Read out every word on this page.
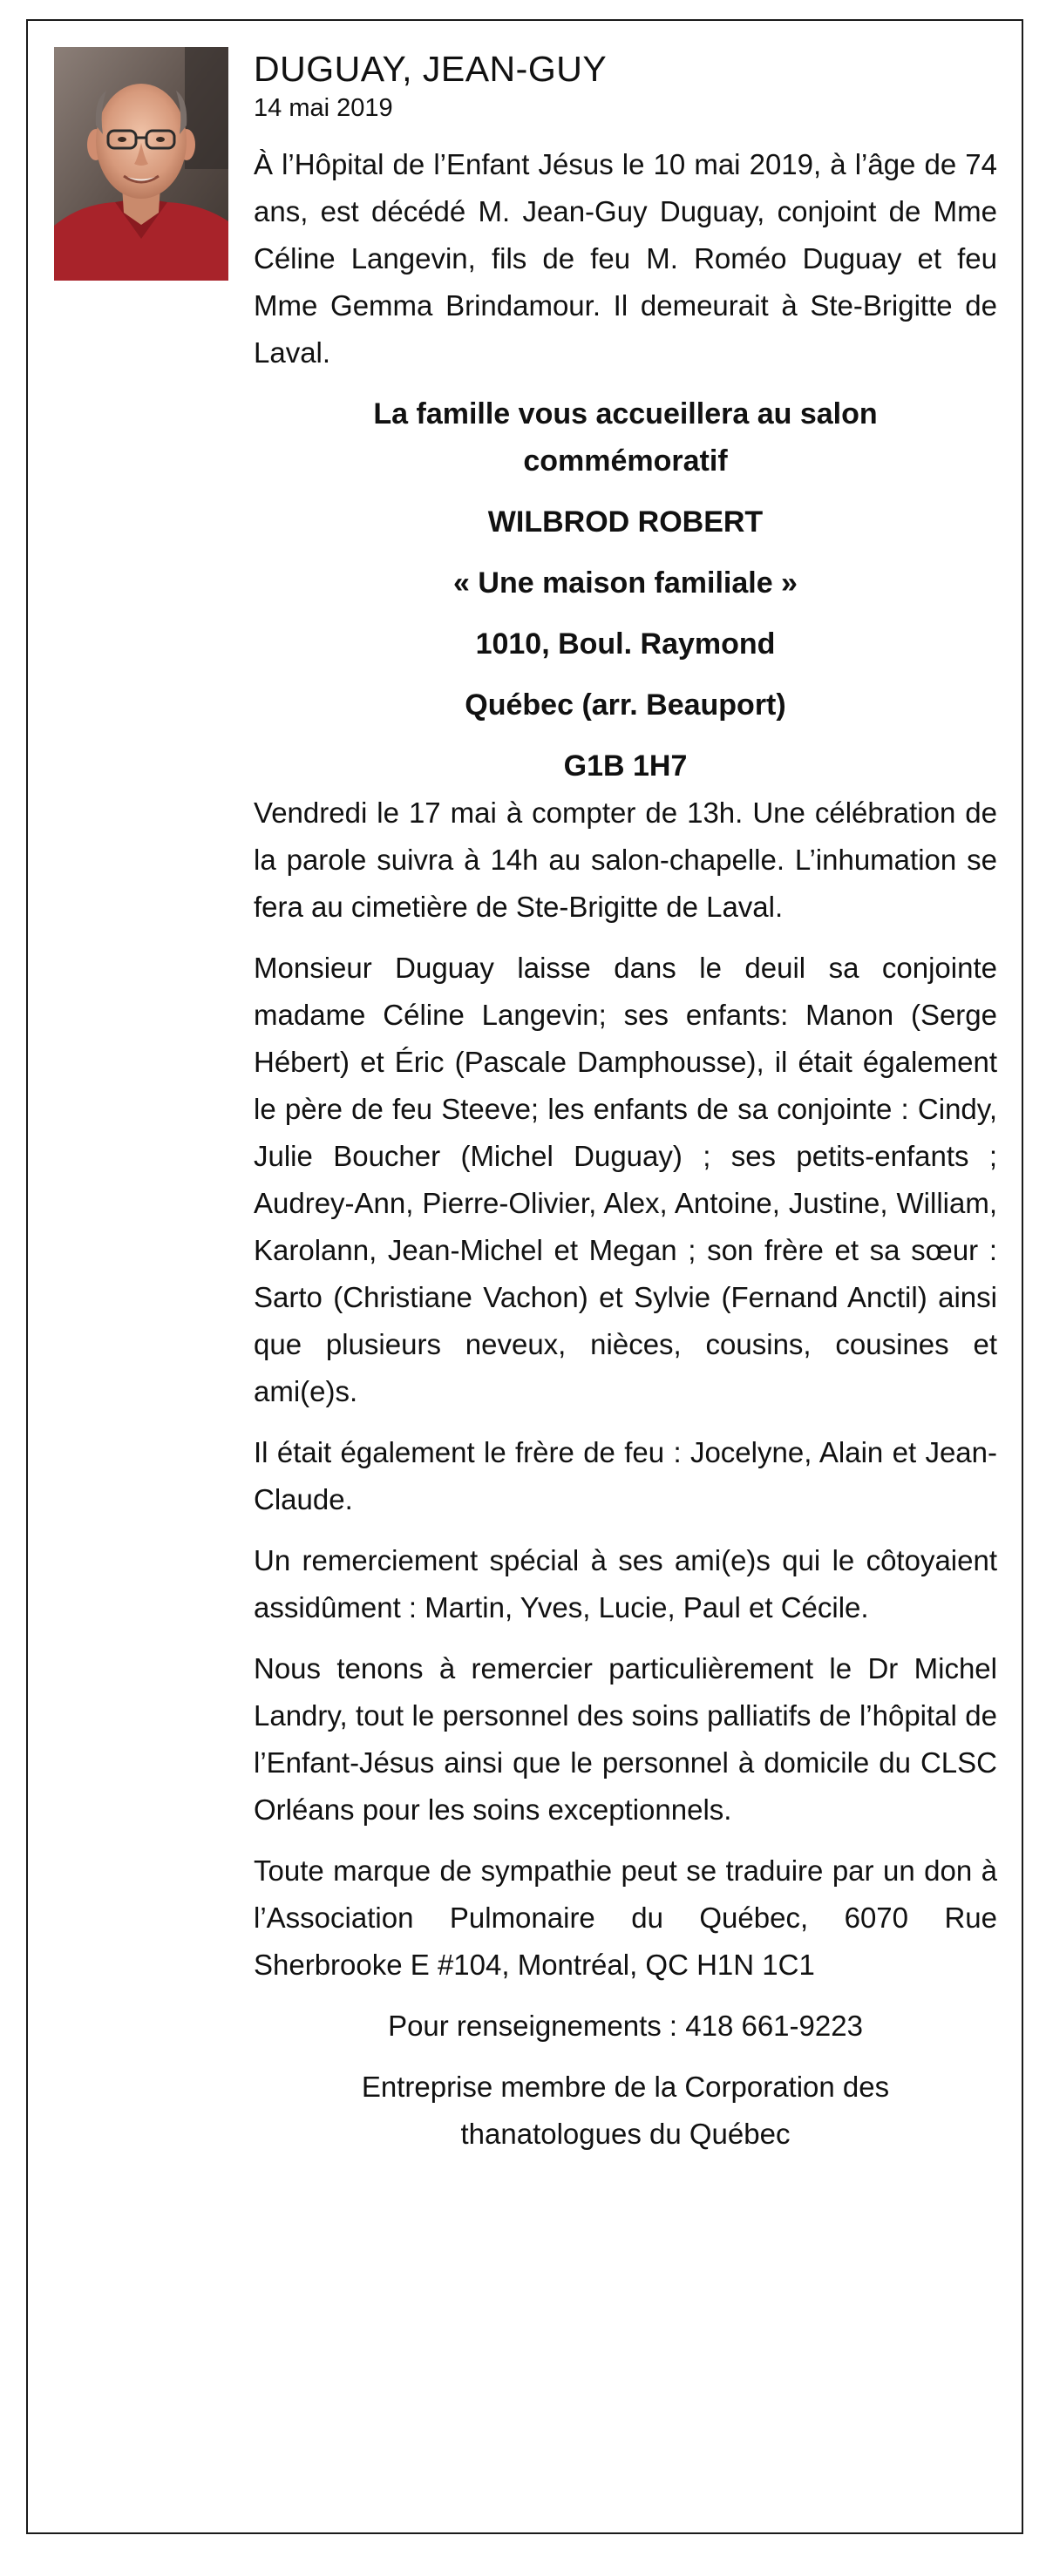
DUGUAY, JEAN-GUY
14 mai 2019

À l’Hôpital de l’Enfant Jésus le 10 mai 2019, à l’âge de 74 ans, est décédé M. Jean-Guy Duguay, conjoint de Mme Céline Langevin, fils de feu M. Roméo Duguay et feu Mme Gemma Brindamour. Il demeurait à Ste-Brigitte de Laval.

La famille vous accueillera au salon
commémoratif

WILBROD ROBERT

« Une maison familiale »

1010, Boul. Raymond

Québec (arr. Beauport)

G1B 1H7

Vendredi le 17 mai à compter de 13h. Une célébration de la parole suivra à 14h au salon-chapelle. L’inhumation se fera au cimetière de Ste-Brigitte de Laval.

Monsieur Duguay laisse dans le deuil sa conjointe madame Céline Langevin; ses enfants: Manon (Serge Hébert) et Éric (Pascale Damphousse), il était également le père de feu Steeve; les enfants de sa conjointe : Cindy, Julie Boucher (Michel Duguay) ; ses petits-enfants ; Audrey-Ann, Pierre-Olivier, Alex, Antoine, Justine, William, Karolann, Jean-Michel et Megan ; son frère et sa sœur : Sarto (Christiane Vachon) et Sylvie (Fernand Anctil) ainsi que plusieurs neveux, nièces, cousins, cousines et ami(e)s.

Il était également le frère de feu : Jocelyne, Alain et Jean-Claude.

Un remerciement spécial à ses ami(e)s qui le côtoyaient assidûment : Martin, Yves, Lucie, Paul et Cécile.

Nous tenons à remercier particulièrement le Dr Michel Landry, tout le personnel des soins palliatifs de l’hôpital de l’Enfant-Jésus ainsi que le personnel à domicile du CLSC Orléans pour les soins exceptionnels.

Toute marque de sympathie peut se traduire par un don à l’Association Pulmonaire du Québec, 6070 Rue Sherbrooke E #104, Montréal, QC H1N 1C1

Pour renseignements : 418 661-9223

Entreprise membre de la Corporation des
thanatologues du Québec
